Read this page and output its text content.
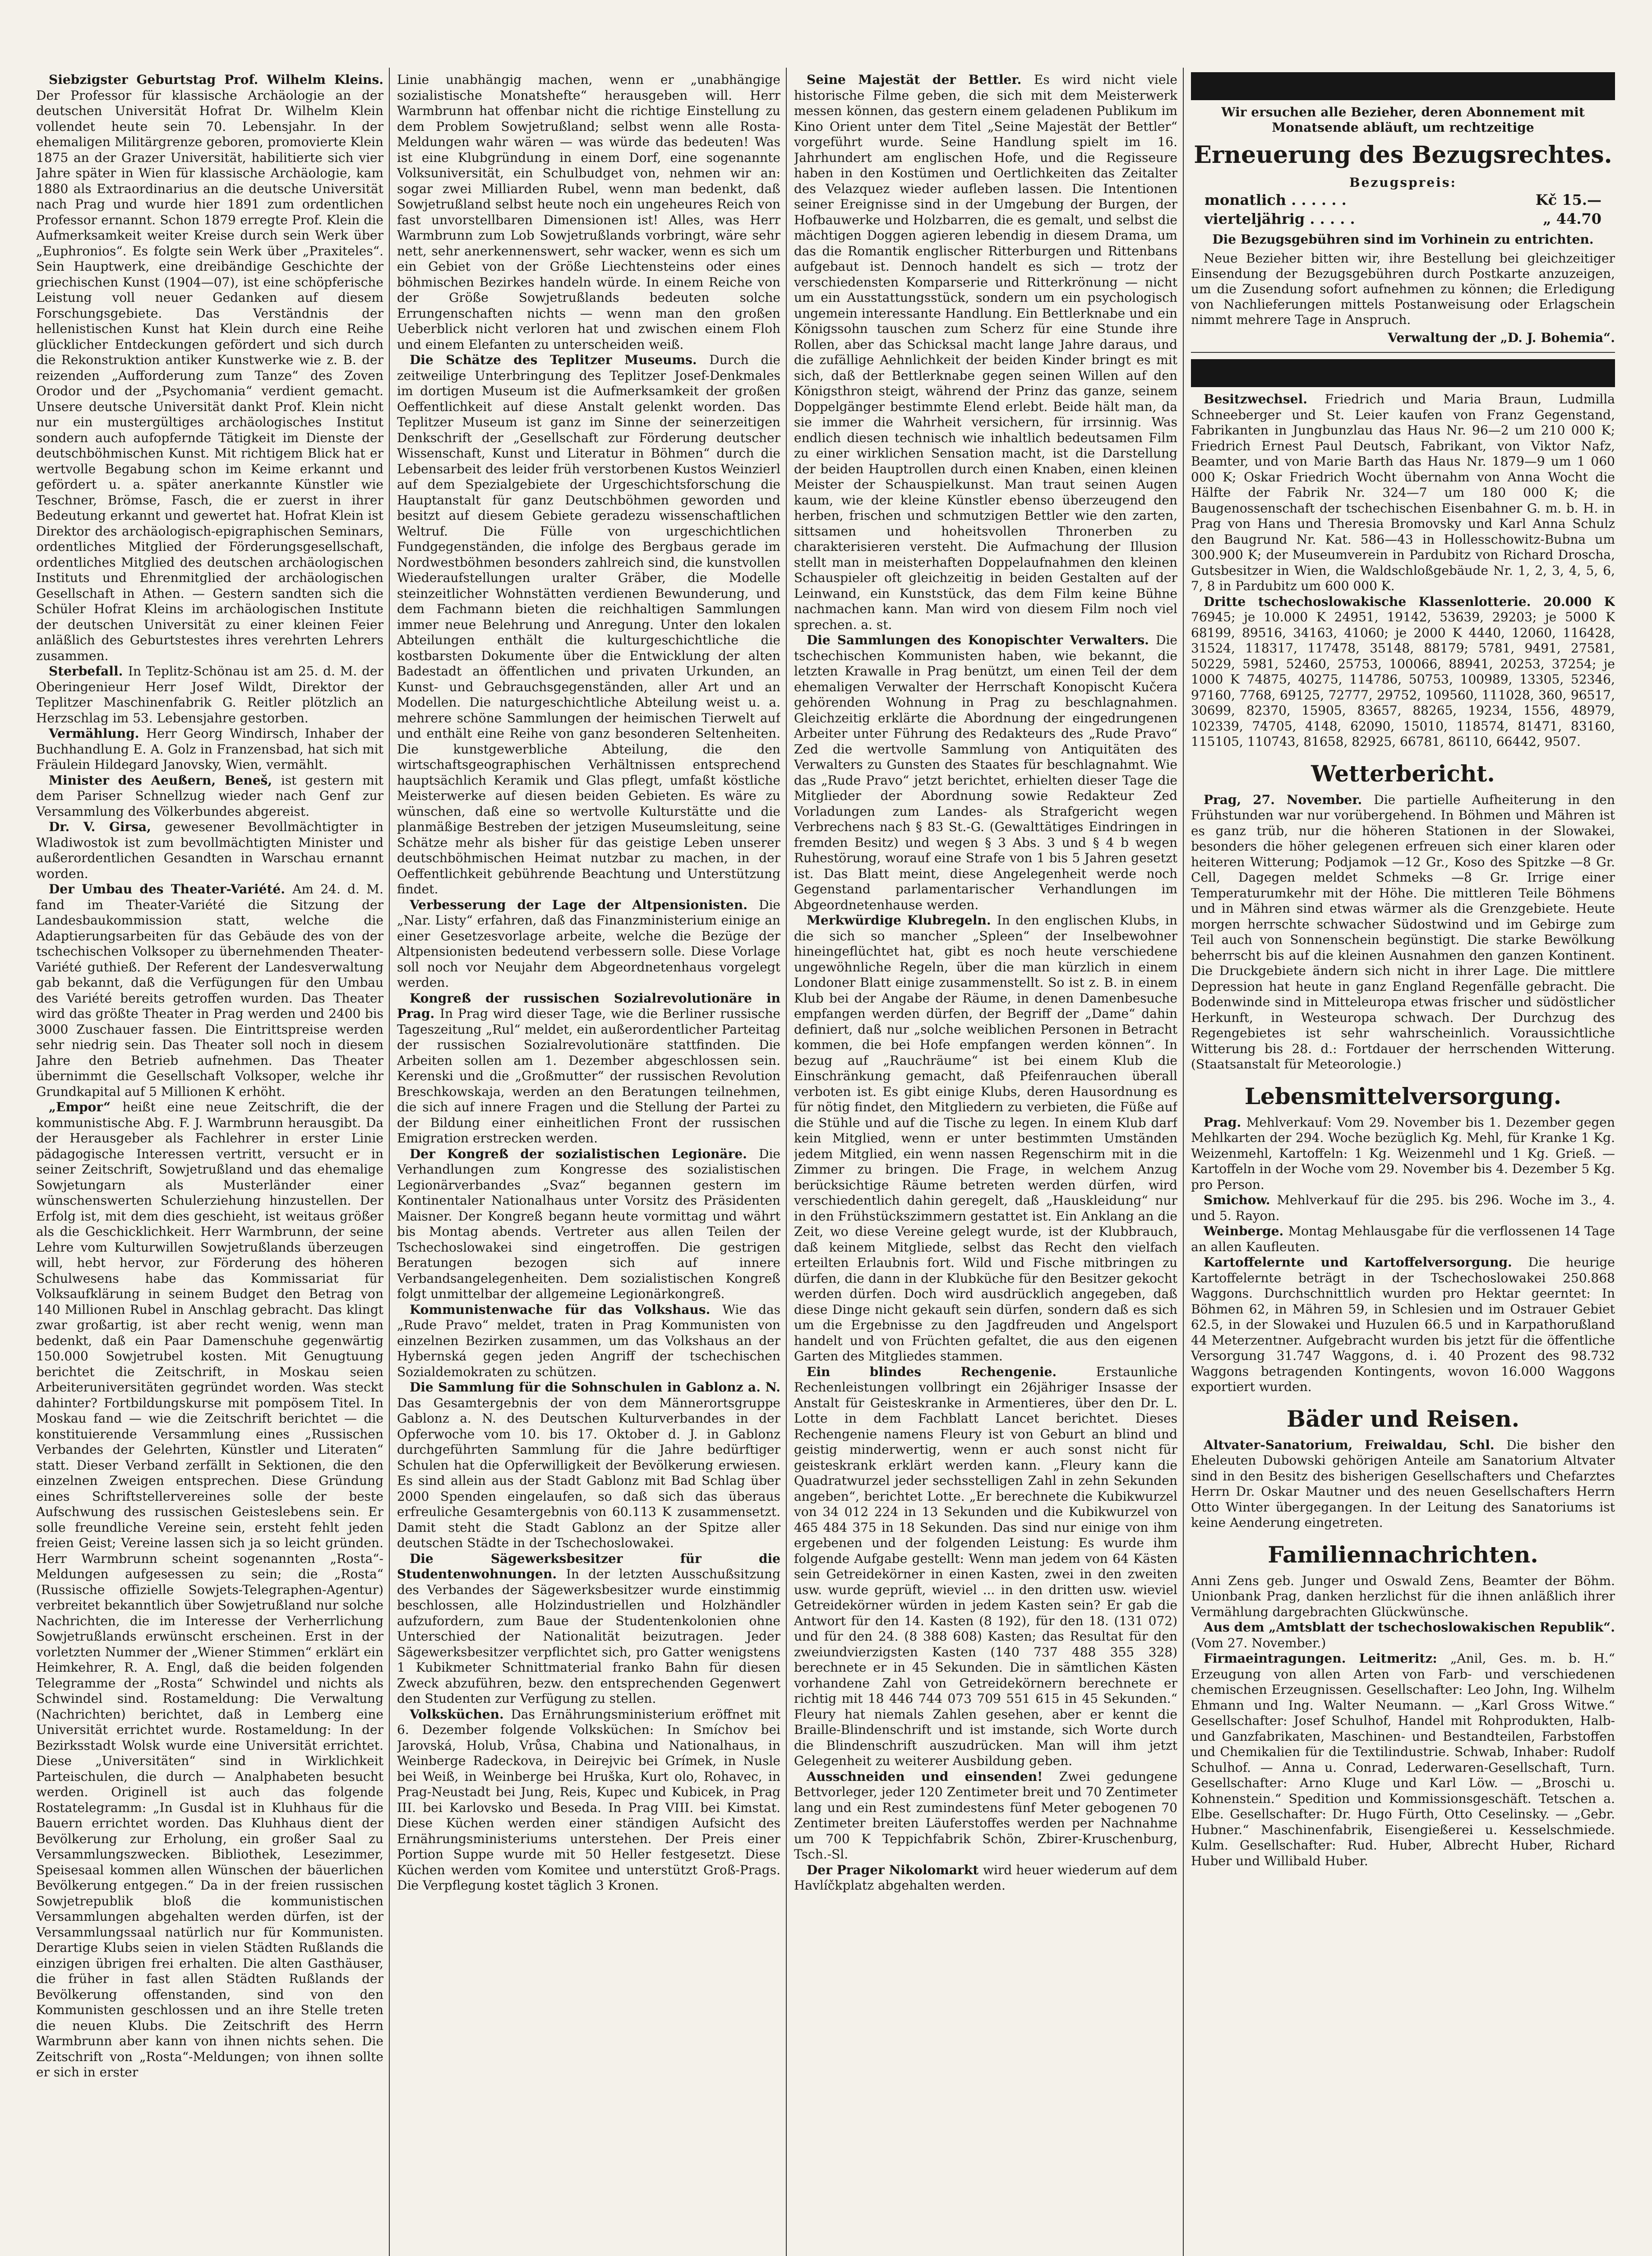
Siebzigster Geburtstag Prof. Wilhelm Kleins. Der Professor für klassische Archäologie an der deutschen Universität Hofrat Dr. Wilhelm Klein vollendet heute sein 70. Lebensjahr. In der ehemaligen Militärgrenze geboren, promovierte Klein 1875 an der Grazer Universität, habilitierte sich vier Jahre später in Wien für klassische Archäologie, kam 1880 als Extraordinarius an die deutsche Universität nach Prag und wurde hier 1891 zum ordentlichen Professor ernannt. Schon 1879 erregte Prof. Klein die Aufmerksamkeit weiter Kreise durch sein Werk über „Euphronios“. Es folgte sein Werk über „Praxiteles“. Sein Hauptwerk, eine dreibändige Geschichte der griechischen Kunst (1904—07), ist eine schöpferische Leistung voll neuer Gedanken auf diesem Forschungsgebiete. Das Verständnis der hellenistischen Kunst hat Klein durch eine Reihe glücklicher Entdeckungen gefördert und sich durch die Rekonstruktion antiker Kunstwerke wie z. B. der reizenden „Aufforderung zum Tanze“ des Zoven Orodor und der „Psychomania“ verdient gemacht. Unsere deutsche Universität dankt Prof. Klein nicht nur ein mustergültiges archäologisches Institut sondern auch aufopfernde Tätigkeit im Dienste der deutschböhmischen Kunst. Mit richtigem Blick hat er wertvolle Begabung schon im Keime erkannt und gefördert u. a. später anerkannte Künstler wie Teschner, Brömse, Fasch, die er zuerst in ihrer Bedeutung erkannt und gewertet hat. Hofrat Klein ist Direktor des archäologisch-epigraphischen Seminars, ordentliches Mitglied der Förderungsgesellschaft, ordentliches Mitglied des deutschen archäologischen Instituts und Ehrenmitglied der archäologischen Gesellschaft in Athen. — Gestern sandten sich die Schüler Hofrat Kleins im archäologischen Institute der deutschen Universität zu einer kleinen Feier anläßlich des Geburtstestes ihres verehrten Lehrers zusammen.

Sterbefall. In Teplitz-Schönau ist am 25. d. M. der Oberingenieur Herr Josef Wildt, Direktor der Teplitzer Maschinenfabrik G. Reitler plötzlich an Herzschlag im 53. Lebensjahre gestorben.

Vermählung. Herr Georg Windirsch, Inhaber der Buchhandlung E. A. Golz in Franzensbad, hat sich mit Fräulein Hildegard Janovsky, Wien, vermählt.

Minister des Aeußern, Beneš, ist gestern mit dem Pariser Schnellzug wieder nach Genf zur Versammlung des Völkerbundes abgereist.

Dr. V. Girsa, gewesener Bevollmächtigter in Wladiwostok ist zum bevollmächtigten Minister und außerordentlichen Gesandten in Warschau ernannt worden.

Der Umbau des Theater-Variété. Am 24. d. M. fand im Theater-Variété die Sitzung der Landesbaukommission statt, welche die Adaptierungsarbeiten für das Gebäude des von der tschechischen Volksoper zu übernehmenden Theater-Variété guthieß. Der Referent der Landesverwaltung gab bekannt, daß die Verfügungen für den Umbau des Variété bereits getroffen wurden. Das Theater wird das größte Theater in Prag werden und 2400 bis 3000 Zuschauer fassen. Die Eintrittspreise werden sehr niedrig sein. Das Theater soll noch in diesem Jahre den Betrieb aufnehmen. Das Theater übernimmt die Gesellschaft Volksoper, welche ihr Grundkapital auf 5 Millionen K erhöht.

„Empor“ heißt eine neue Zeitschrift, die der kommunistische Abg. F. J. Warmbrunn herausgibt. Da der Herausgeber als Fachlehrer in erster Linie pädagogische Interessen vertritt, versucht er in seiner Zeitschrift, Sowjetrußland und das ehemalige Sowjetungarn als Musterländer einer wünschenswerten Schulerziehung hinzustellen. Der Erfolg ist, mit dem dies geschieht, ist weitaus größer als die Geschicklichkeit. Herr Warmbrunn, der seine Lehre vom Kulturwillen Sowjetrußlands überzeugen will, hebt hervor, zur Förderung des höheren Schulwesens habe das Kommissariat für Volksaufklärung in seinem Budget den Betrag von 140 Millionen Rubel in Anschlag gebracht. Das klingt zwar großartig, ist aber recht wenig, wenn man bedenkt, daß ein Paar Damenschuhe gegenwärtig 150.000 Sowjetrubel kosten. Mit Genugtuung berichtet die Zeitschrift, in Moskau seien Arbeiteruniversitäten gegründet worden. Was steckt dahinter? Fortbildungskurse mit pompösem Titel. In Moskau fand — wie die Zeitschrift berichtet — die konstituierende Versammlung eines „Russischen Verbandes der Gelehrten, Künstler und Literaten“ statt. Dieser Verband zerfällt in Sektionen, die den einzelnen Zweigen entsprechen. Diese Gründung eines Schriftstellervereines solle der beste Aufschwung des russischen Geisteslebens sein. Er solle freundliche Vereine sein, ersteht fehlt jeden freien Geist; Vereine lassen sich ja so leicht gründen. Herr Warmbrunn scheint sogenannten „Rosta“-Meldungen aufgesessen zu sein; die „Rosta“ (Russische offizielle Sowjets-Telegraphen-Agentur) verbreitet bekanntlich über Sowjetrußland nur solche Nachrichten, die im Interesse der Verherrlichung Sowjetrußlands erwünscht erscheinen. Erst in der vorletzten Nummer der „Wiener Stimmen“ erklärt ein Heimkehrer, R. A. Engl, daß die beiden folgenden Telegramme der „Rosta“ Schwindel und nichts als Schwindel sind. Rostameldung: Die Verwaltung (Nachrichten) berichtet, daß in Lemberg eine Universität errichtet wurde. Rostameldung: In der Bezirksstadt Wolsk wurde eine Universität errichtet. Diese „Universitäten“ sind in Wirklichkeit Parteischulen, die durch — Analphabeten besucht werden. Originell ist auch das folgende Rostatelegramm: „In Gusdal ist in Kluhhaus für die Bauern errichtet worden. Das Kluhhaus dient der Bevölkerung zur Erholung, ein großer Saal zu Versammlungszwecken. Bibliothek, Lesezimmer, Speisesaal kommen allen Wünschen der bäuerlichen Bevölkerung entgegen.“ Da in der freien russischen Sowjetrepublik bloß die kommunistischen Versammlungen abgehalten werden dürfen, ist der Versammlungssaal natürlich nur für Kommunisten. Derartige Klubs seien in vielen Städten Rußlands die einzigen übrigen frei erhalten. Die alten Gasthäuser, die früher in fast allen Städten Rußlands der Bevölkerung offenstanden, sind von den Kommunisten geschlossen und an ihre Stelle treten die neuen Klubs. Die Zeitschrift des Herrn Warmbrunn aber kann von ihnen nichts sehen. Die Zeitschrift von „Rosta“-Meldungen; von ihnen sollte er sich in erster

Linie unabhängig machen, wenn er „unabhängige sozialistische Monatshefte“ herausgeben will. Herr Warmbrunn hat offenbar nicht die richtige Einstellung zu dem Problem Sowjetrußland; selbst wenn alle Rosta-Meldungen wahr wären — was würde das bedeuten! Was ist eine Klubgründung in einem Dorf, eine sogenannte Volksuniversität, ein Schulbudget von, nehmen wir an: sogar zwei Milliarden Rubel, wenn man bedenkt, daß Sowjetrußland selbst heute noch ein ungeheures Reich von fast unvorstellbaren Dimensionen ist! Alles, was Herr Warmbrunn zum Lob Sowjetrußlands vorbringt, wäre sehr nett, sehr anerkennenswert, sehr wacker, wenn es sich um ein Gebiet von der Größe Liechtensteins oder eines böhmischen Bezirkes handeln würde. In einem Reiche von der Größe Sowjetrußlands bedeuten solche Errungenschaften nichts — wenn man den großen Ueberblick nicht verloren hat und zwischen einem Floh und einem Elefanten zu unterscheiden weiß.

Die Schätze des Teplitzer Museums. Durch die zeitweilige Unterbringung des Teplitzer Josef-Denkmales im dortigen Museum ist die Aufmerksamkeit der großen Oeffentlichkeit auf diese Anstalt gelenkt worden. Das Teplitzer Museum ist ganz im Sinne der seinerzeitigen Denkschrift der „Gesellschaft zur Förderung deutscher Wissenschaft, Kunst und Literatur in Böhmen“ durch die Lebensarbeit des leider früh verstorbenen Kustos Weinzierl auf dem Spezialgebiete der Urgeschichtsforschung die Hauptanstalt für ganz Deutschböhmen geworden und besitzt auf diesem Gebiete geradezu wissenschaftlichen Weltruf. Die Fülle von urgeschichtlichen Fundgegenständen, die infolge des Bergbaus gerade im Nordwestböhmen besonders zahlreich sind, die kunstvollen Wiederaufstellungen uralter Gräber, die Modelle steinzeitlicher Wohnstätten verdienen Bewunderung, und dem Fachmann bieten die reichhaltigen Sammlungen immer neue Belehrung und Anregung. Unter den lokalen Abteilungen enthält die kulturgeschichtliche die kostbarsten Dokumente über die Entwicklung der alten Badestadt an öffentlichen und privaten Urkunden, an Kunst- und Gebrauchsgegenständen, aller Art und an Modellen. Die naturgeschichtliche Abteilung weist u. a. mehrere schöne Sammlungen der heimischen Tierwelt auf und enthält eine Reihe von ganz besonderen Seltenheiten. Die kunstgewerbliche Abteilung, die den wirtschaftsgeographischen Verhältnissen entsprechend hauptsächlich Keramik und Glas pflegt, umfaßt köstliche Meisterwerke auf diesen beiden Gebieten. Es wäre zu wünschen, daß eine so wertvolle Kulturstätte und die planmäßige Bestreben der jetzigen Museumsleitung, seine Schätze mehr als bisher für das geistige Leben unserer deutschböhmischen Heimat nutzbar zu machen, in der Oeffentlichkeit gebührende Beachtung und Unterstützung findet.

Verbesserung der Lage der Altpensionisten. Die „Nar. Listy“ erfahren, daß das Finanzministerium einige an einer Gesetzesvorlage arbeite, welche die Bezüge der Altpensionisten bedeutend verbessern solle. Diese Vorlage soll noch vor Neujahr dem Abgeordnetenhaus vorgelegt werden.

Kongreß der russischen Sozialrevolutionäre in Prag. In Prag wird dieser Tage, wie die Berliner russische Tageszeitung „Rul“ meldet, ein außerordentlicher Parteitag der russischen Sozialrevolutionäre stattfinden. Die Arbeiten sollen am 1. Dezember abgeschlossen sein. Kerenski und die „Großmutter“ der russischen Revolution Breschkowskaja, werden an den Beratungen teilnehmen, die sich auf innere Fragen und die Stellung der Partei zu der Bildung einer einheitlichen Front der russischen Emigration erstrecken werden.

Der Kongreß der sozialistischen Legionäre. Die Verhandlungen zum Kongresse des sozialistischen Legionärverbandes „Svaz“ begannen gestern im Kontinentaler Nationalhaus unter Vorsitz des Präsidenten Maisner. Der Kongreß begann heute vormittag und währt bis Montag abends. Vertreter aus allen Teilen der Tschechoslowakei sind eingetroffen. Die gestrigen Beratungen bezogen sich auf innere Verbandsangelegenheiten. Dem sozialistischen Kongreß folgt unmittelbar der allgemeine Legionärkongreß.

Kommunistenwache für das Volkshaus. Wie das „Rude Pravo“ meldet, traten in Prag Kommunisten von einzelnen Bezirken zusammen, um das Volkshaus an der Hybernská gegen jeden Angriff der tschechischen Sozialdemokraten zu schützen.

Die Sammlung für die Sohnschulen in Gablonz a. N. Das Gesamtergebnis der von dem Männerortsgruppe Gablonz a. N. des Deutschen Kulturverbandes in der Opferwoche vom 10. bis 17. Oktober d. J. in Gablonz durchgeführten Sammlung für die Jahre bedürftiger Schulen hat die Opferwilligkeit der Bevölkerung erwiesen. Es sind allein aus der Stadt Gablonz mit Bad Schlag über 2000 Spenden eingelaufen, so daß sich das überaus erfreuliche Gesamtergebnis von 60.113 K zusammensetzt. Damit steht die Stadt Gablonz an der Spitze aller deutschen Städte in der Tschechoslowakei.

Die Sägewerksbesitzer für die Studentenwohnungen. In der letzten Ausschußsitzung des Verbandes der Sägewerksbesitzer wurde einstimmig beschlossen, alle Holzindustriellen und Holzhändler aufzufordern, zum Baue der Studentenkolonien ohne Unterschied der Nationalität beizutragen. Jeder Sägewerksbesitzer verpflichtet sich, pro Gatter wenigstens 1 Kubikmeter Schnittmaterial franko Bahn für diesen Zweck abzuführen, bezw. den entsprechenden Gegenwert den Studenten zur Verfügung zu stellen.

Volksküchen. Das Ernährungsministerium eröffnet mit 6. Dezember folgende Volksküchen: In Smíchov bei Jarovská, Holub, Vrůsa, Chabina und Nationalhaus, in Weinberge Radeckova, in Deirejvic bei Grímek, in Nusle bei Weiß, in Weinberge bei Hruška, Kurt olo, Rohavec, in Prag-Neustadt bei Jung, Reis, Kupec und Kubicek, in Prag III. bei Karlovsko und Beseda. In Prag VIII. bei Kimstat. Diese Küchen werden einer ständigen Aufsicht des Ernährungsministeriums unterstehen. Der Preis einer Portion Suppe wurde mit 50 Heller festgesetzt. Diese Küchen werden vom Komitee und unterstützt Groß-Prags. Die Verpflegung kostet täglich 3 Kronen.

Seine Majestät der Bettler. Es wird nicht viele historische Filme geben, die sich mit dem Meisterwerk messen können, das gestern einem geladenen Publikum im Kino Orient unter dem Titel „Seine Majestät der Bettler“ vorgeführt wurde. Seine Handlung spielt im 16. Jahrhundert am englischen Hofe, und die Regisseure haben in den Kostümen und Oertlichkeiten das Zeitalter des Velazquez wieder aufleben lassen. Die Intentionen seiner Ereignisse sind in der Umgebung der Burgen, der Hofbauwerke und Holzbarren, die es gemalt, und selbst die mächtigen Doggen agieren lebendig in diesem Drama, um das die Romantik englischer Ritterburgen und Rittenbans aufgebaut ist. Dennoch handelt es sich — trotz der verschiedensten Komparserie und Ritterkrönung — nicht um ein Ausstattungsstück, sondern um ein psychologisch ungemein interessante Handlung. Ein Bettlerknabe und ein Königssohn tauschen zum Scherz für eine Stunde ihre Rollen, aber das Schicksal macht lange Jahre daraus, und die zufällige Aehnlichkeit der beiden Kinder bringt es mit sich, daß der Bettlerknabe gegen seinen Willen auf den Königsthron steigt, während der Prinz das ganze, seinem Doppelgänger bestimmte Elend erlebt. Beide hält man, da sie immer die Wahrheit versichern, für irrsinnig. Was endlich diesen technisch wie inhaltlich bedeutsamen Film zu einer wirklichen Sensation macht, ist die Darstellung der beiden Hauptrollen durch einen Knaben, einen kleinen Meister der Schauspielkunst. Man traut seinen Augen kaum, wie der kleine Künstler ebenso überzeugend den herben, frischen und schmutzigen Bettler wie den zarten, sittsamen und hoheitsvollen Thronerben zu charakterisieren versteht. Die Aufmachung der Illusion stellt man in meisterhaften Doppelaufnahmen den kleinen Schauspieler oft gleichzeitig in beiden Gestalten auf der Leinwand, ein Kunststück, das dem Film keine Bühne nachmachen kann. Man wird von diesem Film noch viel sprechen. a. st.

Die Sammlungen des Konopischter Verwalters. Die tschechischen Kommunisten haben, wie bekannt, die letzten Krawalle in Prag benützt, um einen Teil der dem ehemaligen Verwalter der Herrschaft Konopischt Kučera gehörenden Wohnung in Prag zu beschlagnahmen. Gleichzeitig erklärte die Abordnung der eingedrungenen Arbeiter unter Führung des Redakteurs des „Rude Pravo“ Zed die wertvolle Sammlung von Antiquitäten des Verwalters zu Gunsten des Staates für beschlagnahmt. Wie das „Rude Pravo“ jetzt berichtet, erhielten dieser Tage die Mitglieder der Abordnung sowie Redakteur Zed Vorladungen zum Landes- als Strafgericht wegen Verbrechens nach § 83 St.-G. (Gewalttätiges Eindringen in fremden Besitz) und wegen § 3 Abs. 3 und § 4 b wegen Ruhestörung, worauf eine Strafe von 1 bis 5 Jahren gesetzt ist. Das Blatt meint, diese Angelegenheit werde noch Gegenstand parlamentarischer Verhandlungen im Abgeordnetenhause werden.

Merkwürdige Klubregeln. In den englischen Klubs, in die sich so mancher „Spleen“ der Inselbewohner hineingeflüchtet hat, gibt es noch heute verschiedene ungewöhnliche Regeln, über die man kürzlich in einem Londoner Blatt einige zusammenstellt. So ist z. B. in einem Klub bei der Angabe der Räume, in denen Damenbesuche empfangen werden dürfen, der Begriff der „Dame“ dahin definiert, daß nur „solche weiblichen Personen in Betracht kommen, die bei Hofe empfangen werden können“. In bezug auf „Rauchräume“ ist bei einem Klub die Einschränkung gemacht, daß Pfeifenrauchen überall verboten ist. Es gibt einige Klubs, deren Hausordnung es für nötig findet, den Mitgliedern zu verbieten, die Füße auf die Stühle und auf die Tische zu legen. In einem Klub darf kein Mitglied, wenn er unter bestimmten Umständen jedem Mitglied, ein wenn nassen Regenschirm mit in die Zimmer zu bringen. Die Frage, in welchem Anzug berücksichtige Räume betreten werden dürfen, wird verschiedentlich dahin geregelt, daß „Hauskleidung“ nur in den Frühstückszimmern gestattet ist. Ein Anklang an die Zeit, wo diese Vereine gelegt wurde, ist der Klubbrauch, daß keinem Mitgliede, selbst das Recht den vielfach erteilten Erlaubnis fort. Wild und Fische mitbringen zu dürfen, die dann in der Klubküche für den Besitzer gekocht werden dürfen. Doch wird ausdrücklich angegeben, daß diese Dinge nicht gekauft sein dürfen, sondern daß es sich um die Ergebnisse zu den Jagdfreuden und Angelsport handelt und von Früchten gefaltet, die aus den eigenen Garten des Mitgliedes stammen.

Ein blindes Rechengenie. Erstaunliche Rechenleistungen vollbringt ein 26jähriger Insasse der Anstalt für Geisteskranke in Armentieres, über den Dr. L. Lotte in dem Fachblatt Lancet berichtet. Dieses Rechengenie namens Fleury ist von Geburt an blind und geistig minderwertig, wenn er auch sonst nicht für geisteskrank erklärt werden kann. „Fleury kann die Quadratwurzel jeder sechsstelligen Zahl in zehn Sekunden angeben“, berichtet Lotte. „Er berechnete die Kubikwurzel von 34 012 224 in 13 Sekunden und die Kubikwurzel von 465 484 375 in 18 Sekunden. Das sind nur einige von ihm ergebenen und der folgenden Leistung: Es wurde ihm folgende Aufgabe gestellt: Wenn man jedem von 64 Kästen sein Getreidekörner in einen Kasten, zwei in den zweiten usw. wurde geprüft, wieviel ... in den dritten usw. wieviel Getreidekörner würden in jedem Kasten sein? Er gab die Antwort für den 14. Kasten (8 192), für den 18. (131 072) und für den 24. (8 388 608) Kasten; das Resultat für den zweiundvierzigsten Kasten (140 737 488 355 328) berechnete er in 45 Sekunden. Die in sämtlichen Kästen vorhandene Zahl von Getreidekörnern berechnete er richtig mit 18 446 744 073 709 551 615 in 45 Sekunden.“ Fleury hat niemals Zahlen gesehen, aber er kennt die Braille-Blindenschrift und ist imstande, sich Worte durch die Blindenschrift auszudrücken. Man will ihm jetzt Gelegenheit zu weiterer Ausbildung geben.

Ausschneiden und einsenden! Zwei gedungene Bettvorleger, jeder 120 Zentimeter breit und 70 Zentimeter lang und ein Rest zumindestens fünf Meter gebogenen 70 Zentimeter breiten Läuferstoffes werden per Nachnahme um 700 K Teppichfabrik Schön, Zbirer-Kruschenburg, Tsch.-Sl.

Der Prager Nikolomarkt wird heuer wiederum auf dem Havlíčkplatz abgehalten werden.

Wir ersuchen alle Bezieher, deren Abonnement mit Monatsende abläuft, um rechtzeitige
Erneuerung des Bezugsrechtes.
Bezugspreis:
monatlich . . . . . .	Kč 15.—
vierteljährig . . . . .	„ 44.70
Die Bezugsgebühren sind im Vorhinein zu entrichten.
Neue Bezieher bitten wir, ihre Bestellung bei gleichzeitiger Einsendung der Bezugsgebühren durch Postkarte anzuzeigen, um die Zusendung sofort aufnehmen zu können; die Erledigung von Nachlieferungen mittels Postanweisung oder Erlagschein nimmt mehrere Tage in Anspruch.
Verwaltung der „D. J. Bohemia“.

Besitzwechsel. Friedrich und Maria Braun, Ludmilla Schneeberger und St. Leier kaufen von Franz Gegenstand, Fabrikanten in Jungbunzlau das Haus Nr. 96—2 um 210 000 K; Friedrich Ernest Paul Deutsch, Fabrikant, von Viktor Nafz, Beamter, und von Marie Barth das Haus Nr. 1879—9 um 1 060 000 K; Oskar Friedrich Wocht übernahm von Anna Wocht die Hälfte der Fabrik Nr. 324—7 um 180 000 K; die Baugenossenschaft der tschechischen Eisenbahner G. m. b. H. in Prag von Hans und Theresia Bromovsky und Karl Anna Schulz den Baugrund Nr. Kat. 586—43 in Hollesschowitz-Bubna um 300.900 K; der Museumverein in Pardubitz von Richard Droscha, Gutsbesitzer in Wien, die Waldschloßgebäude Nr. 1, 2, 3, 4, 5, 6, 7, 8 in Pardubitz um 600 000 K.

Dritte tschechoslowakische Klassenlotterie. 20.000 K 76945; je 10.000 K 24951, 19142, 53639, 29203; je 5000 K 68199, 89516, 34163, 41060; je 2000 K 4440, 12060, 116428, 31524, 118317, 117478, 35148, 88179; 5781, 9491, 27581, 50229, 5981, 52460, 25753, 100066, 88941, 20253, 37254; je 1000 K 74875, 40275, 114786, 50753, 100989, 13305, 52346, 97160, 7768, 69125, 72777, 29752, 109560, 111028, 360, 96517, 30699, 82370, 15905, 83657, 88265, 19234, 1556, 48979, 102339, 74705, 4148, 62090, 15010, 118574, 81471, 83160, 115105, 110743, 81658, 82925, 66781, 86110, 66442, 9507.

Wetterbericht.

Prag, 27. November. Die partielle Aufheiterung in den Frühstunden war nur vorübergehend. In Böhmen und Mähren ist es ganz trüb, nur die höheren Stationen in der Slowakei, besonders die höher gelegenen erfreuen sich einer klaren oder heiteren Witterung; Podjamok —12 Gr., Koso des Spitzke —8 Gr. Cell, Dagegen meldet Schmeks —8 Gr. Irrige einer Temperaturumkehr mit der Höhe. Die mittleren Teile Böhmens und in Mähren sind etwas wärmer als die Grenzgebiete. Heute morgen herrschte schwacher Südostwind und im Gebirge zum Teil auch von Sonnenschein begünstigt. Die starke Bewölkung beherrscht bis auf die kleinen Ausnahmen den ganzen Kontinent. Die Druckgebiete ändern sich nicht in ihrer Lage. Die mittlere Depression hat heute in ganz England Regenfälle gebracht. Die Bodenwinde sind in Mitteleuropa etwas frischer und südöstlicher Herkunft, in Westeuropa schwach. Der Durchzug des Regengebietes ist sehr wahrscheinlich. Voraussichtliche Witterung bis 28. d.: Fortdauer der herrschenden Witterung. (Staatsanstalt für Meteorologie.)

Lebensmittelversorgung.

Prag. Mehlverkauf: Vom 29. November bis 1. Dezember gegen Mehlkarten der 294. Woche bezüglich Kg. Mehl, für Kranke 1 Kg. Weizenmehl, Kartoffeln: 1 Kg. Weizenmehl und 1 Kg. Grieß. — Kartoffeln in der Woche vom 29. November bis 4. Dezember 5 Kg. pro Person.

Smichow. Mehlverkauf für die 295. bis 296. Woche im 3., 4. und 5. Rayon.

Weinberge. Montag Mehlausgabe für die verflossenen 14 Tage an allen Kaufleuten.

Kartoffelernte und Kartoffelversorgung. Die heurige Kartoffelernte beträgt in der Tschechoslowakei 250.868 Waggons. Durchschnittlich wurden pro Hektar geerntet: In Böhmen 62, in Mähren 59, in Schlesien und im Ostrauer Gebiet 62.5, in der Slowakei und Huzulen 66.5 und in Karpathorußland 44 Meterzentner. Aufgebracht wurden bis jetzt für die öffentliche Versorgung 31.747 Waggons, d. i. 40 Prozent des 98.732 Waggons betragenden Kontingents, wovon 16.000 Waggons exportiert wurden.

Bäder und Reisen.

Altvater-Sanatorium, Freiwaldau, Schl. Die bisher den Eheleuten Dubowski gehörigen Anteile am Sanatorium Altvater sind in den Besitz des bisherigen Gesellschafters und Chefarztes Herrn Dr. Oskar Mautner und des neuen Gesellschafters Herrn Otto Winter übergegangen. In der Leitung des Sanatoriums ist keine Aenderung eingetreten.

Familiennachrichten.

Anni Zens geb. Junger und Oswald Zens, Beamter der Böhm. Unionbank Prag, danken herzlichst für die ihnen anläßlich ihrer Vermählung dargebrachten Glückwünsche.

Aus dem „Amtsblatt der tschechoslowakischen Republik“. (Vom 27. November.)

Firmaeintragungen. Leitmeritz: „Anil, Ges. m. b. H.“ Erzeugung von allen Arten von Farb- und verschiedenen chemischen Erzeugnissen. Gesellschafter: Leo John, Ing. Wilhelm Ehmann und Ing. Walter Neumann. — „Karl Gross Witwe.“ Gesellschafter: Josef Schulhof, Handel mit Rohprodukten, Halb- und Ganzfabrikaten, Maschinen- und Bestandteilen, Farbstoffen und Chemikalien für die Textilindustrie. Schwab, Inhaber: Rudolf Schulhof. — Anna u. Conrad, Lederwaren-Gesellschaft, Turn. Gesellschafter: Arno Kluge und Karl Löw. — „Broschi u. Kohnenstein.“ Spedition und Kommissionsgeschäft. Tetschen a. Elbe. Gesellschafter: Dr. Hugo Fürth, Otto Ceselinsky. — „Gebr. Hubner.“ Maschinenfabrik, Eisengießerei u. Kesselschmiede. Kulm. Gesellschafter: Rud. Huber, Albrecht Huber, Richard Huber und Willibald Huber.
